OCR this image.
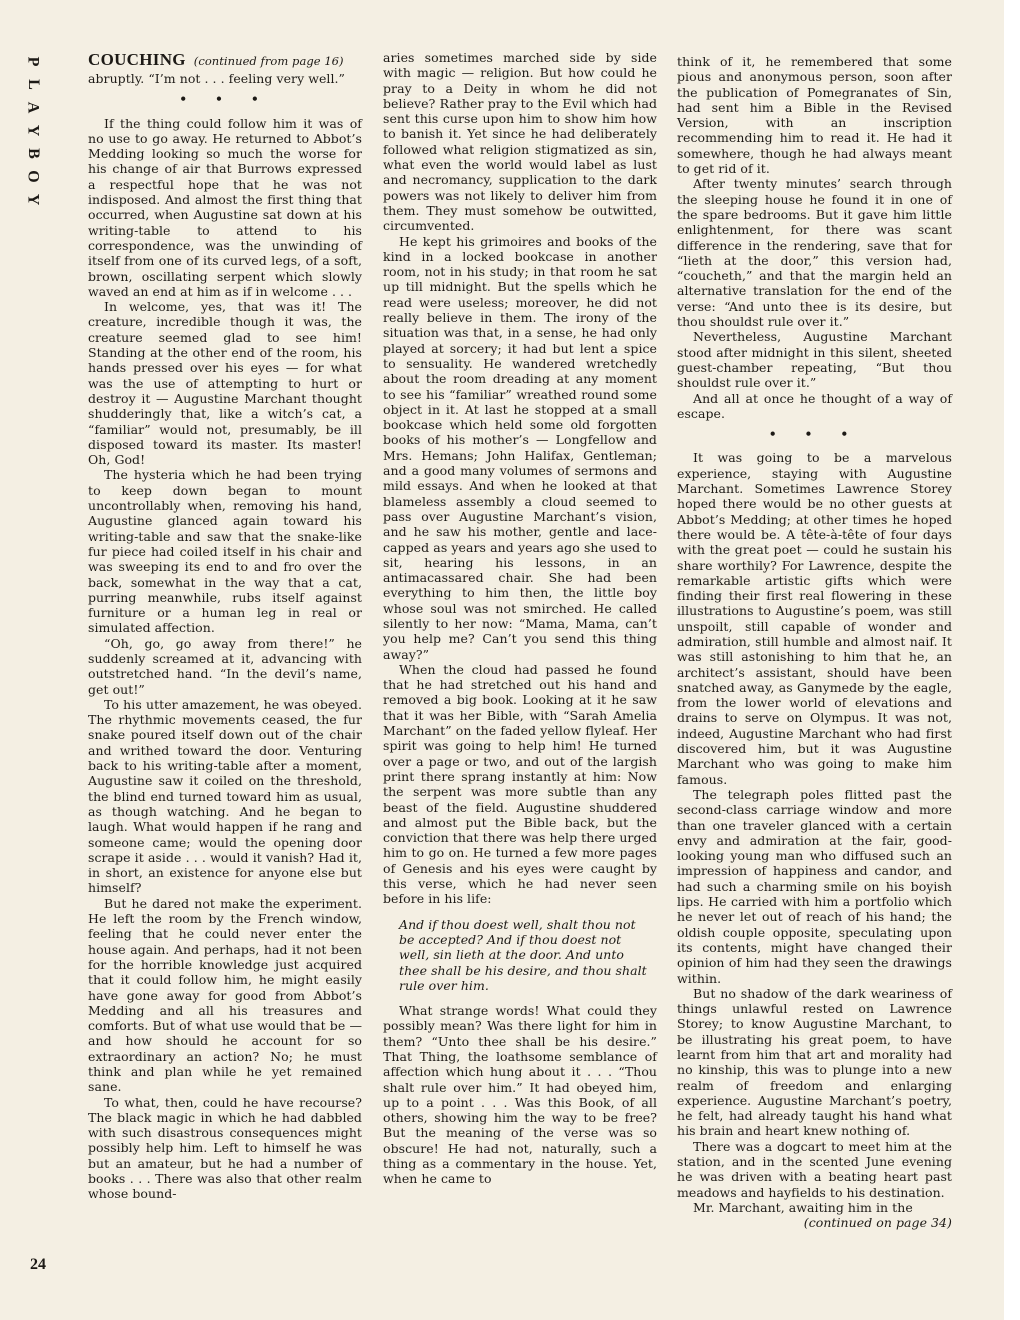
P
L
A
Y
B
O
Y
24
COUCHING (continued from page 16)

abruptly. “I’m not . . . feeling very well.”

• • •

If the thing could follow him it was of no use to go away. He returned to Abbot’s Medding looking so much the worse for his change of air that Burrows expressed a respectful hope that he was not indisposed. And almost the first thing that occurred, when Augustine sat down at his writing-table to attend to his correspondence, was the unwinding of itself from one of its curved legs, of a soft, brown, oscillating serpent which slowly waved an end at him as if in welcome . . .

In welcome, yes, that was it! The creature, incredible though it was, the creature seemed glad to see him! Standing at the other end of the room, his hands pressed over his eyes — for what was the use of attempting to hurt or destroy it — Augustine Marchant thought shudderingly that, like a witch’s cat, a “familiar” would not, presumably, be ill disposed toward its master. Its master! Oh, God!

The hysteria which he had been trying to keep down began to mount uncontrollably when, removing his hand, Augustine glanced again toward his writing-table and saw that the snake-like fur piece had coiled itself in his chair and was sweeping its end to and fro over the back, somewhat in the way that a cat, purring meanwhile, rubs itself against furniture or a human leg in real or simulated affection.

“Oh, go, go away from there!” he suddenly screamed at it, advancing with outstretched hand. “In the devil’s name, get out!”

To his utter amazement, he was obeyed. The rhythmic movements ceased, the fur snake poured itself down out of the chair and writhed toward the door. Venturing back to his writing-table after a moment, Augustine saw it coiled on the threshold, the blind end turned toward him as usual, as though watching. And he began to laugh. What would happen if he rang and someone came; would the opening door scrape it aside . . . would it vanish? Had it, in short, an existence for anyone else but himself?

But he dared not make the experiment. He left the room by the French window, feeling that he could never enter the house again. And perhaps, had it not been for the horrible knowledge just acquired that it could follow him, he might easily have gone away for good from Abbot’s Medding and all his treasures and comforts. But of what use would that be — and how should he account for so extraordinary an action? No; he must think and plan while he yet remained sane.

To what, then, could he have recourse? The black magic in which he had dabbled with such disastrous consequences might possibly help him. Left to himself he was but an amateur, but he had a number of books . . . There was also that other realm whose bound-

aries sometimes marched side by side with magic — religion. But how could he pray to a Deity in whom he did not believe? Rather pray to the Evil which had sent this curse upon him to show him how to banish it. Yet since he had deliberately followed what religion stigmatized as sin, what even the world would label as lust and necromancy, supplication to the dark powers was not likely to deliver him from them. They must somehow be outwitted, circumvented.

He kept his grimoires and books of the kind in a locked bookcase in another room, not in his study; in that room he sat up till midnight. But the spells which he read were useless; moreover, he did not really believe in them. The irony of the situation was that, in a sense, he had only played at sorcery; it had but lent a spice to sensuality. He wandered wretchedly about the room dreading at any moment to see his “familiar” wreathed round some object in it. At last he stopped at a small bookcase which held some old forgotten books of his mother’s — Longfellow and Mrs. Hemans; John Halifax, Gentleman; and a good many volumes of sermons and mild essays. And when he looked at that blameless assembly a cloud seemed to pass over Augustine Marchant’s vision, and he saw his mother, gentle and lace-capped as years and years ago she used to sit, hearing his lessons, in an antimacassared chair. She had been everything to him then, the little boy whose soul was not smirched. He called silently to her now: “Mama, Mama, can’t you help me? Can’t you send this thing away?”

When the cloud had passed he found that he had stretched out his hand and removed a big book. Looking at it he saw that it was her Bible, with “Sarah Amelia Marchant” on the faded yellow flyleaf. Her spirit was going to help him! He turned over a page or two, and out of the largish print there sprang instantly at him: Now the serpent was more subtle than any beast of the field. Augustine shuddered and almost put the Bible back, but the conviction that there was help there urged him to go on. He turned a few more pages of Genesis and his eyes were caught by this verse, which he had never seen before in his life:

And if thou doest well, shalt thou not be accepted? And if thou doest not well, sin lieth at the door. And unto thee shall be his desire, and thou shalt rule over him.

What strange words! What could they possibly mean? Was there light for him in them? “Unto thee shall be his desire.” That Thing, the loathsome semblance of affection which hung about it . . . “Thou shalt rule over him.” It had obeyed him, up to a point . . . Was this Book, of all others, showing him the way to be free? But the meaning of the verse was so obscure! He had not, naturally, such a thing as a commentary in the house. Yet, when he came to

think of it, he remembered that some pious and anonymous person, soon after the publication of Pomegranates of Sin, had sent him a Bible in the Revised Version, with an inscription recommending him to read it. He had it somewhere, though he had always meant to get rid of it.

After twenty minutes’ search through the sleeping house he found it in one of the spare bedrooms. But it gave him little enlightenment, for there was scant difference in the rendering, save that for “lieth at the door,” this version had, “coucheth,” and that the margin held an alternative translation for the end of the verse: “And unto thee is its desire, but thou shouldst rule over it.”

Nevertheless, Augustine Marchant stood after midnight in this silent, sheeted guest-chamber repeating, “But thou shouldst rule over it.”

And all at once he thought of a way of escape.

• • •

It was going to be a marvelous experience, staying with Augustine Marchant. Sometimes Lawrence Storey hoped there would be no other guests at Abbot’s Medding; at other times he hoped there would be. A tête-à-tête of four days with the great poet — could he sustain his share worthily? For Lawrence, despite the remarkable artistic gifts which were finding their first real flowering in these illustrations to Augustine’s poem, was still unspoilt, still capable of wonder and admiration, still humble and almost naif. It was still astonishing to him that he, an architect’s assistant, should have been snatched away, as Ganymede by the eagle, from the lower world of elevations and drains to serve on Olympus. It was not, indeed, Augustine Marchant who had first discovered him, but it was Augustine Marchant who was going to make him famous.

The telegraph poles flitted past the second-class carriage window and more than one traveler glanced with a certain envy and admiration at the fair, good-looking young man who diffused such an impression of happiness and candor, and had such a charming smile on his boyish lips. He carried with him a portfolio which he never let out of reach of his hand; the oldish couple opposite, speculating upon its contents, might have changed their opinion of him had they seen the drawings within.

But no shadow of the dark weariness of things unlawful rested on Lawrence Storey; to know Augustine Marchant, to be illustrating his great poem, to have learnt from him that art and morality had no kinship, this was to plunge into a new realm of freedom and enlarging experience. Augustine Marchant’s poetry, he felt, had already taught his hand what his brain and heart knew nothing of.

There was a dogcart to meet him at the station, and in the scented June evening he was driven with a beating heart past meadows and hayfields to his destination.

Mr. Marchant, awaiting him in the

(continued on page 34)
